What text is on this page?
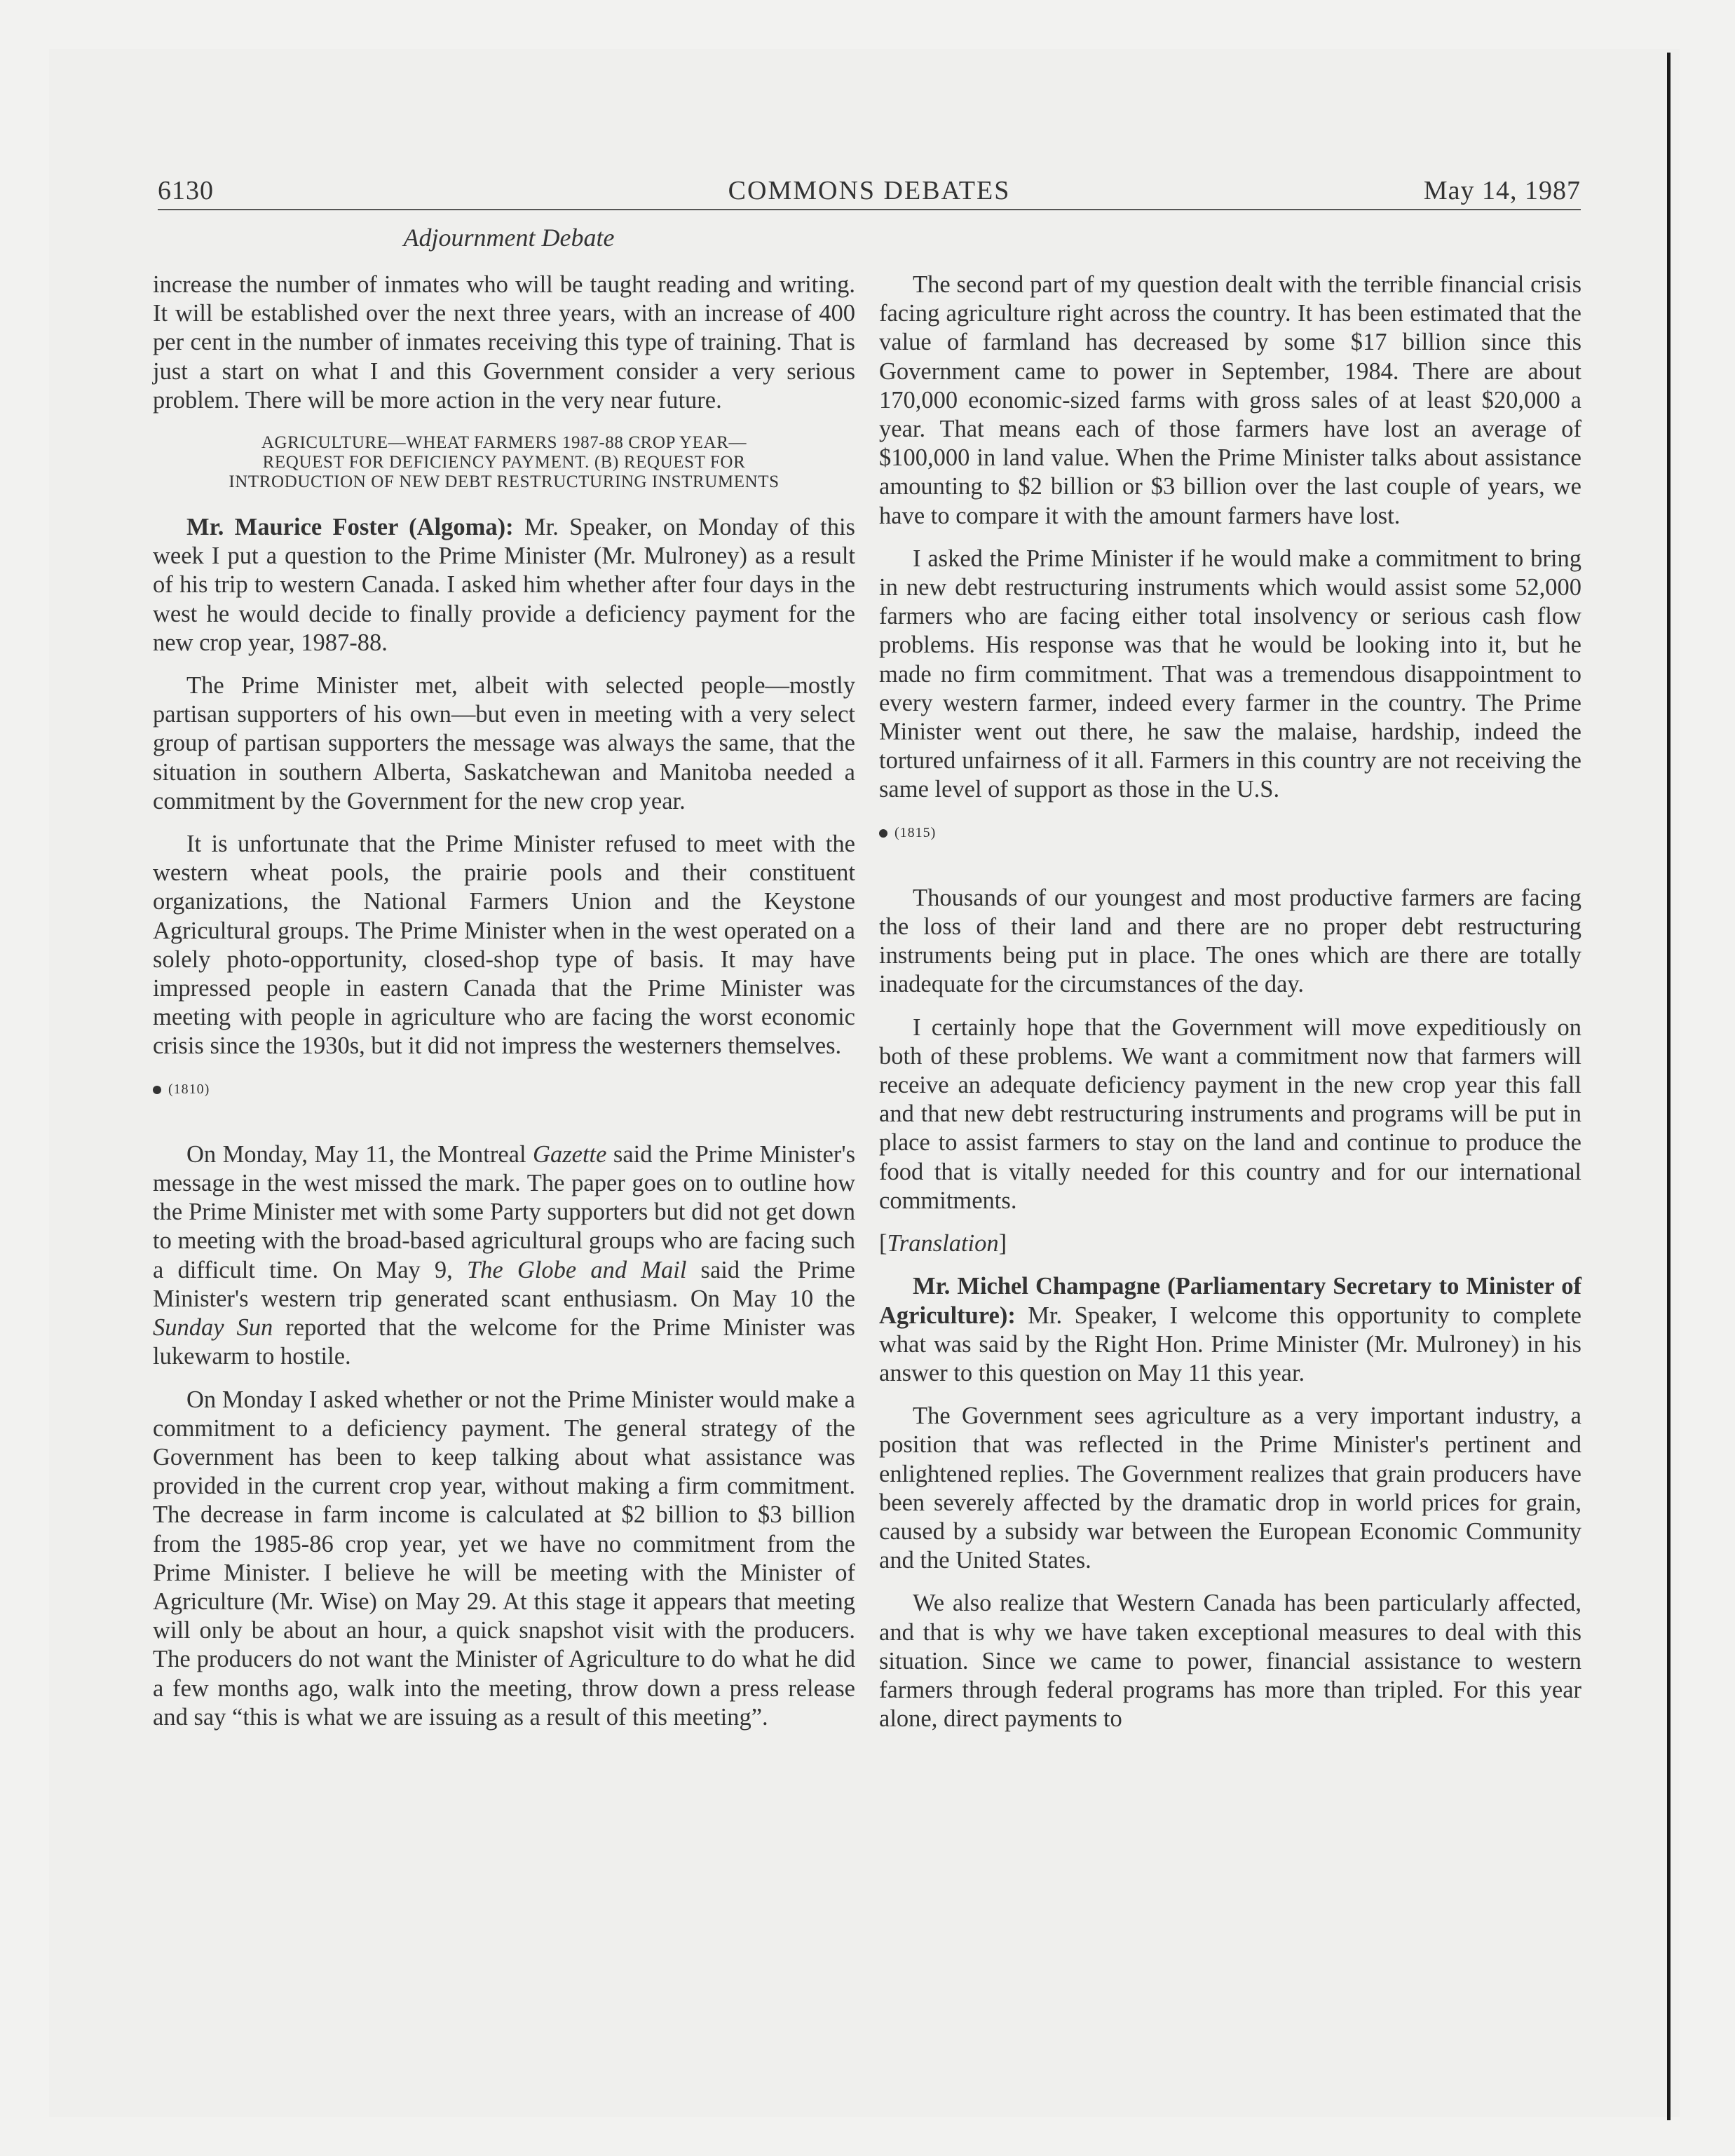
6130	COMMONS DEBATES	May 14, 1987
Adjournment Debate

increase the number of inmates who will be taught reading and writing. It will be established over the next three years, with an increase of 400 per cent in the number of inmates receiving this type of training. That is just a start on what I and this Government consider a very serious problem. There will be more action in the very near future.

AGRICULTURE—WHEAT FARMERS 1987-88 CROP YEAR—
REQUEST FOR DEFICIENCY PAYMENT. (B) REQUEST FOR
INTRODUCTION OF NEW DEBT RESTRUCTURING INSTRUMENTS

Mr. Maurice Foster (Algoma): Mr. Speaker, on Monday of this week I put a question to the Prime Minister (Mr. Mulroney) as a result of his trip to western Canada. I asked him whether after four days in the west he would decide to finally provide a deficiency payment for the new crop year, 1987-88.

The Prime Minister met, albeit with selected people—mostly partisan supporters of his own—but even in meeting with a very select group of partisan supporters the message was always the same, that the situation in southern Alberta, Saskatchewan and Manitoba needed a commitment by the Government for the new crop year.

It is unfortunate that the Prime Minister refused to meet with the western wheat pools, the prairie pools and their constituent organizations, the National Farmers Union and the Keystone Agricultural groups. The Prime Minister when in the west operated on a solely photo-opportunity, closed-shop type of basis. It may have impressed people in eastern Canada that the Prime Minister was meeting with people in agriculture who are facing the worst economic crisis since the 1930s, but it did not impress the westerners themselves.

(1810)

On Monday, May 11, the Montreal Gazette said the Prime Minister's message in the west missed the mark. The paper goes on to outline how the Prime Minister met with some Party supporters but did not get down to meeting with the broad-based agricultural groups who are facing such a difficult time. On May 9, The Globe and Mail said the Prime Minister's western trip generated scant enthusiasm. On May 10 the Sunday Sun reported that the welcome for the Prime Minister was lukewarm to hostile.

On Monday I asked whether or not the Prime Minister would make a commitment to a deficiency payment. The general strategy of the Government has been to keep talking about what assistance was provided in the current crop year, without making a firm commitment. The decrease in farm income is calculated at $2 billion to $3 billion from the 1985-86 crop year, yet we have no commitment from the Prime Minister. I believe he will be meeting with the Minister of Agriculture (Mr. Wise) on May 29. At this stage it appears that meeting will only be about an hour, a quick snapshot visit with the producers. The producers do not want the Minister of Agriculture to do what he did a few months ago, walk into the meeting, throw down a press release and say “this is what we are issuing as a result of this meeting”.

The second part of my question dealt with the terrible financial crisis facing agriculture right across the country. It has been estimated that the value of farmland has decreased by some $17 billion since this Government came to power in September, 1984. There are about 170,000 economic-sized farms with gross sales of at least $20,000 a year. That means each of those farmers have lost an average of $100,000 in land value. When the Prime Minister talks about assistance amounting to $2 billion or $3 billion over the last couple of years, we have to compare it with the amount farmers have lost.

I asked the Prime Minister if he would make a commitment to bring in new debt restructuring instruments which would assist some 52,000 farmers who are facing either total insolvency or serious cash flow problems. His response was that he would be looking into it, but he made no firm commitment. That was a tremendous disappointment to every western farmer, indeed every farmer in the country. The Prime Minister went out there, he saw the malaise, hardship, indeed the tortured unfairness of it all. Farmers in this country are not receiving the same level of support as those in the U.S.

(1815)

Thousands of our youngest and most productive farmers are facing the loss of their land and there are no proper debt restructuring instruments being put in place. The ones which are there are totally inadequate for the circumstances of the day.

I certainly hope that the Government will move expeditiously on both of these problems. We want a commitment now that farmers will receive an adequate deficiency payment in the new crop year this fall and that new debt restructuring instruments and programs will be put in place to assist farmers to stay on the land and continue to produce the food that is vitally needed for this country and for our international commitments.

[Translation]

Mr. Michel Champagne (Parliamentary Secretary to Minister of Agriculture): Mr. Speaker, I welcome this opportunity to complete what was said by the Right Hon. Prime Minister (Mr. Mulroney) in his answer to this question on May 11 this year.

The Government sees agriculture as a very important industry, a position that was reflected in the Prime Minister's pertinent and enlightened replies. The Government realizes that grain producers have been severely affected by the dramatic drop in world prices for grain, caused by a subsidy war between the European Economic Community and the United States.

We also realize that Western Canada has been particularly affected, and that is why we have taken exceptional measures to deal with this situation. Since we came to power, financial assistance to western farmers through federal programs has more than tripled. For this year alone, direct payments to
